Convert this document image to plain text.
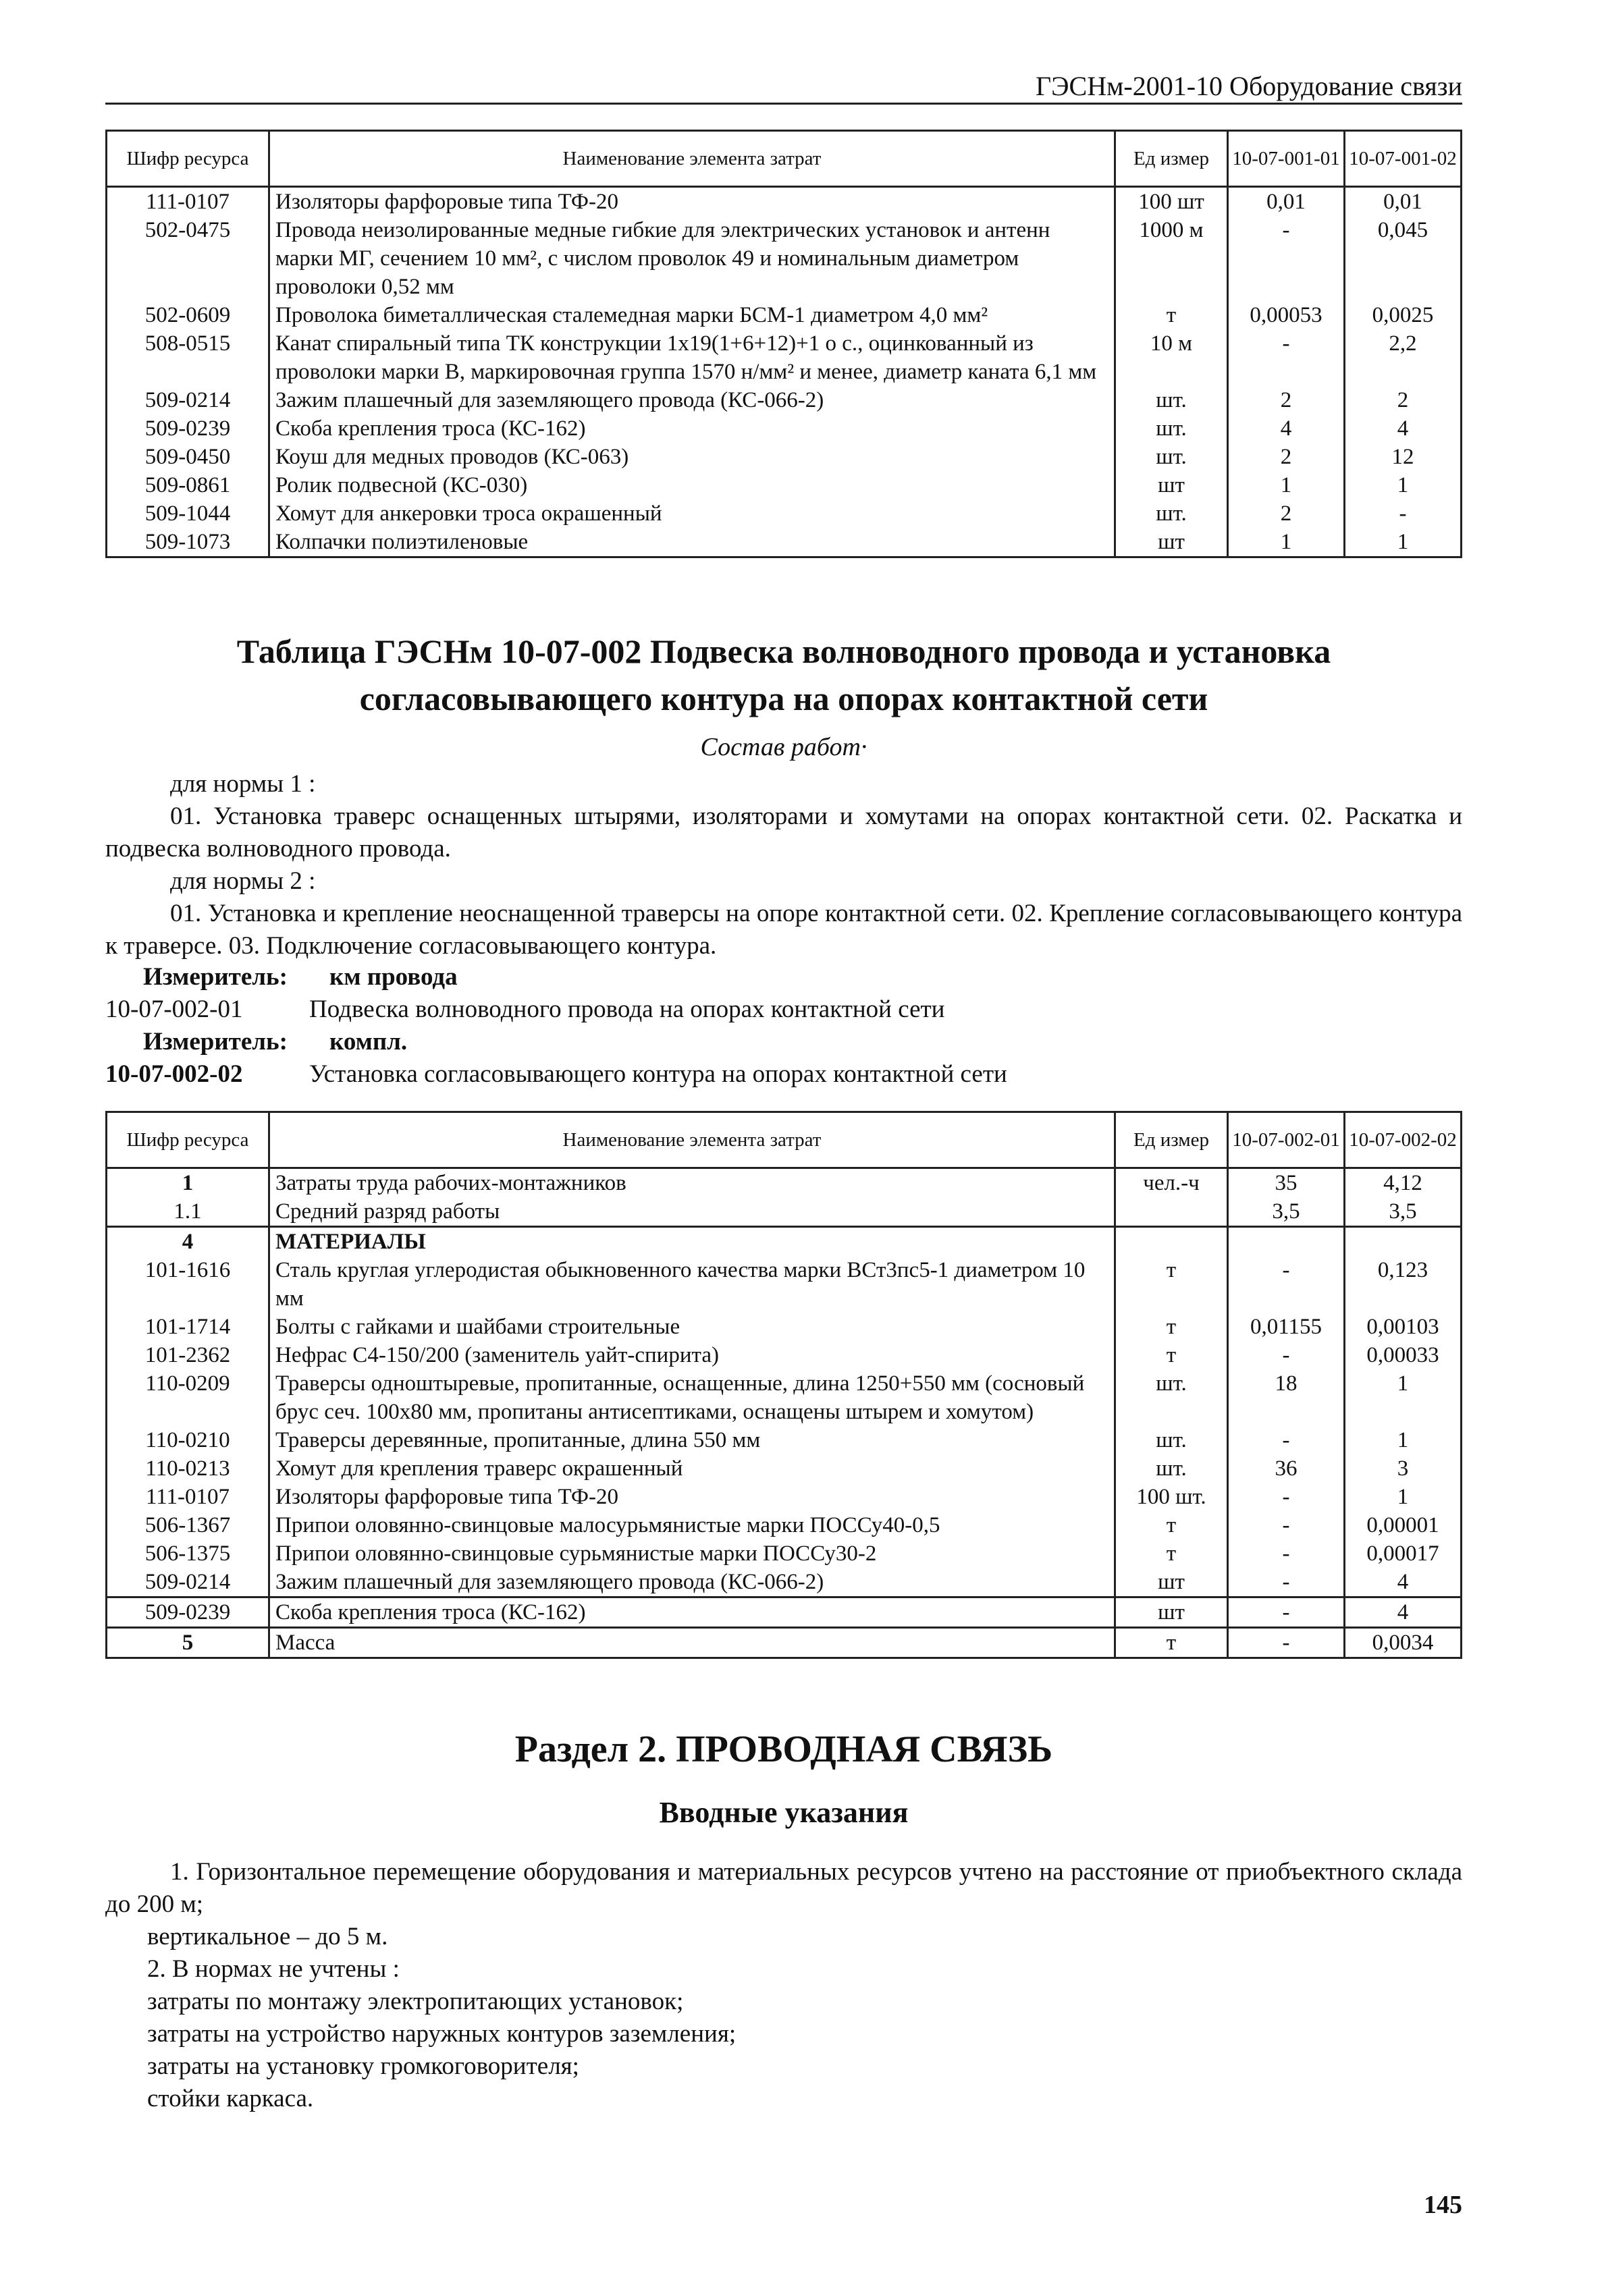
ГЭСНм-2001-10 Оборудование связи
Шифр ресурса	Наименование элемента затрат	Ед измер	10-07-001-01	10-07-001-02
111-0107	Изоляторы фарфоровые типа ТФ-20	100 шт	0,01	0,01
502-0475	Провода неизолированные медные гибкие для электрических установок и антенн марки МГ, сечением 10 мм², с числом проволок 49 и номинальным диаметром проволоки 0,52 мм	1000 м	-	0,045
502-0609	Проволока биметаллическая сталемедная марки БСМ-1 диаметром 4,0 мм²	т	0,00053	0,0025
508-0515	Канат спиральный типа ТК конструкции 1х19(1+6+12)+1 о с., оцинкованный из проволоки марки В, маркировочная группа 1570 н/мм² и менее, диаметр каната 6,1 мм	10 м	-	2,2
509-0214	Зажим плашечный для заземляющего провода (КС-066-2)	шт.	2	2
509-0239	Скоба крепления троса (КС-162)	шт.	4	4
509-0450	Коуш для медных проводов (КС-063)	шт.	2	12
509-0861	Ролик подвесной (КС-030)	шт	1	1
509-1044	Хомут для анкеровки троса окрашенный	шт.	2	-
509-1073	Колпачки полиэтиленовые	шт	1	1
Таблица ГЭСНм 10-07-002 Подвеска волноводного провода и установка согласовывающего контура на опорах контактной сети
Состав работ·
для нормы 1 :
01. Установка траверс оснащенных штырями, изоляторами и хомутами на опорах контактной сети. 02. Раскатка и подвеска волноводного провода.
для нормы 2 :
01. Установка и крепление неоснащенной траверсы на опоре контактной сети. 02. Крепление согласовывающего контура к траверсе. 03. Подключение согласовывающего контура.
Измеритель: км провода
10-07-002-01	Подвеска волноводного провода на опорах контактной сети
Измеритель: компл.
10-07-002-02	Установка согласовывающего контура на опорах контактной сети
Шифр ресурса	Наименование элемента затрат	Ед измер	10-07-002-01	10-07-002-02
1	Затраты труда рабочих-монтажников	чел.-ч	35	4,12
1.1	Средний разряд работы		3,5	3,5
4	МАТЕРИАЛЫ			
101-1616	Сталь круглая углеродистая обыкновенного качества марки ВСт3пс5-1 диаметром 10 мм	т	-	0,123
101-1714	Болты с гайками и шайбами строительные	т	0,01155	0,00103
101-2362	Нефрас С4-150/200 (заменитель уайт-спирита)	т	-	0,00033
110-0209	Траверсы одноштыревые, пропитанные, оснащенные, длина 1250+550 мм (сосновый брус сеч. 100х80 мм, пропитаны антисептиками, оснащены штырем и хомутом)	шт.	18	1
110-0210	Траверсы деревянные, пропитанные, длина 550 мм	шт.	-	1
110-0213	Хомут для крепления траверс окрашенный	шт.	36	3
111-0107	Изоляторы фарфоровые типа ТФ-20	100 шт.	-	1
506-1367	Припои оловянно-свинцовые малосурьмянистые марки ПОССу40-0,5	т	-	0,00001
506-1375	Припои оловянно-свинцовые сурьмянистые марки ПОССу30-2	т	-	0,00017
509-0214	Зажим плашечный для заземляющего провода (КС-066-2)	шт	-	4
509-0239	Скоба крепления троса (КС-162)	шт	-	4
5	Масса	т	-	0,0034
Раздел 2. ПРОВОДНАЯ СВЯЗЬ
Вводные указания
1. Горизонтальное перемещение оборудования и материальных ресурсов учтено на расстояние от приобъектного склада до 200 м;
вертикальное – до 5 м.
2. В нормах не учтены :
затраты по монтажу электропитающих установок;
затраты на устройство наружных контуров заземления;
затраты на установку громкоговорителя;
стойки каркаса.
145
